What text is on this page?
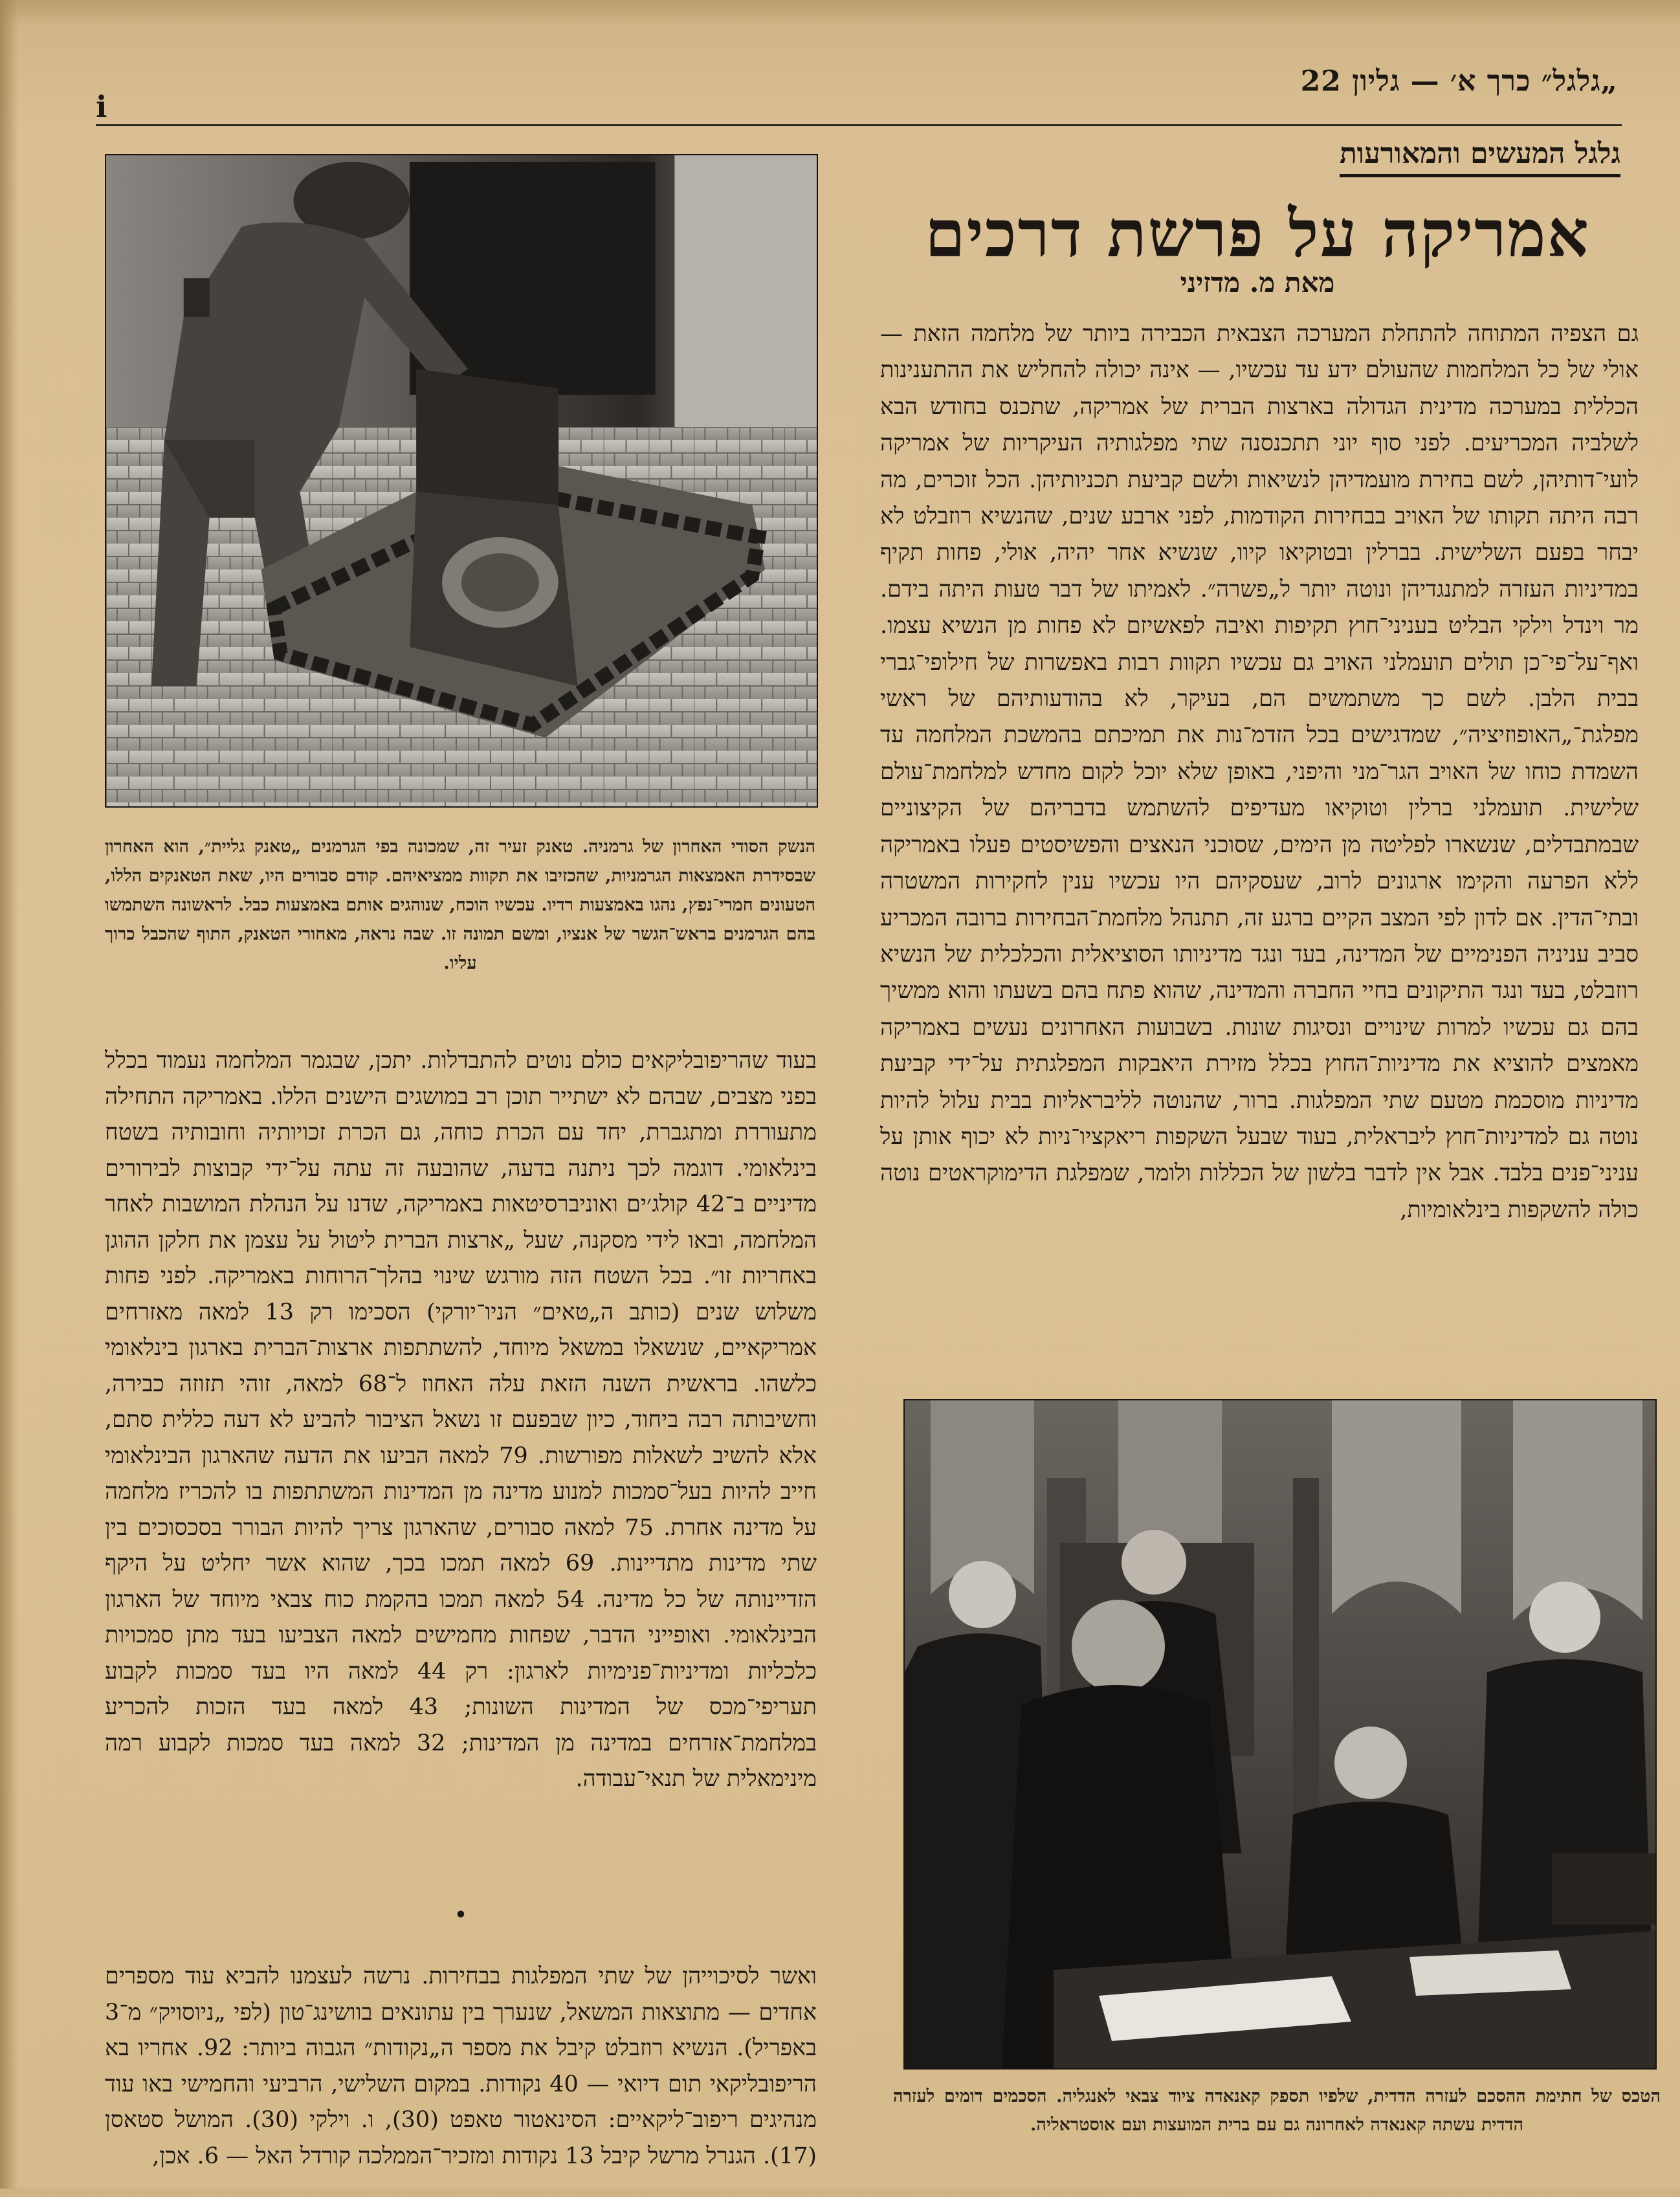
i
„גלגל״ כרך א׳ — גליון 22
גלגל המעשים והמאורעות
אמריקה על פרשת דרכים
מאת מ. מדזיני

גם הצפיה המתוחה להתחלת המערכה הצבאית הכבירה ביותר של מלחמה הזאת — אולי של כל המלחמות שהעולם ידע עד עכשיו, — אינה יכולה להחליש את ההתענינות הכללית במערכה מדינית הגדולה בארצות הברית של אמריקה, שתכנס בחודש הבא לשלביה המכריעים. לפני סוף יוני תתכנסנה שתי מפלגותיה העיקריות של אמריקה לועי־דותיהן, לשם בחירת מועמדיהן לנשיאות ולשם קביעת תכניותיהן. הכל זוכרים, מה רבה היתה תקותו של האויב בבחירות הקודמות, לפני ארבע שנים, שהנשיא רוזבלט לא יבחר בפעם השלישית. בברלין ובטוקיאו קיוו, שנשיא אחר יהיה, אולי, פחות תקיף במדיניות העזרה למתנגדיהן ונוטה יותר ל„פשרה״. לאמיתו של דבר טעות היתה בידם. מר וינדל וילקי הבליט בעניני־חוץ תקיפות ואיבה לפאשיזם לא פחות מן הנשיא עצמו. ואף־על־פי־כן תולים תועמלני האויב גם עכשיו תקוות רבות באפשרות של חילופי־גברי בבית הלבן. לשם כך משתמשים הם, בעיקר, לא בהודעותיהם של ראשי מפלגת־„האופוזיציה״, שמדגישים בכל הזדמ־נות את תמיכתם בהמשכת המלחמה עד השמדת כוחו של האויב הגר־מני והיפני, באופן שלא יוכל לקום מחדש למלחמת־עולם שלישית. תועמלני ברלין וטוקיאו מעדיפים להשתמש בדבריהם של הקיצוניים שבמתבדלים, שנשארו לפליטה מן הימים, שסוכני הנאצים והפשיסטים פעלו באמריקה ללא הפרעה והקימו ארגונים לרוב, שעסקיהם היו עכשיו ענין לחקירות המשטרה ובתי־הדין. אם לדון לפי המצב הקיים ברגע זה, תתנהל מלחמת־הבחירות ברובה המכריע סביב עניניה הפנימיים של המדינה, בעד ונגד מדיניותו הסוציאלית והכלכלית של הנשיא רוזבלט, בעד ונגד התיקונים בחיי החברה והמדינה, שהוא פתח בהם בשעתו והוא ממשיך בהם גם עכשיו למרות שינויים ונסיגות שונות. בשבועות האחרונים נעשים באמריקה מאמצים להוציא את מדיניות־החוץ בכלל מזירת היאבקות המפלגתית על־ידי קביעת מדיניות מוסכמת מטעם שתי המפלגות. ברור, שהנוטה לליבראליות בבית עלול להיות נוטה גם למדיניות־חוץ ליבראלית, בעוד שבעל השקפות ריאקציו־ניות לא יכוף אותן על עניני־פנים בלבד. אבל אין לדבר בלשון של הכללות ולומר, שמפלגת הדימוקראטים נוטה כולה להשקפות בינלאומיות,

הנשק הסודי האחרון של גרמניה. טאנק זעיר זה, שמכונה בפי הגרמנים „טאנק גליית״, הוא האחרון שבסידרת האמצאות הגרמניות, שהכזיבו את תקוות ממציאיהם. קודם סבורים היו, שאת הטאנקים הללו, הטעונים חמרי־נפץ, נהגו באמצעות רדיו. עכשיו הוכח, שנוהגים אותם באמצעות כבל. לראשונה השתמשו בהם הגרמנים בראש־הגשר של אנציו, ומשם תמונה זו. שבה נראה, מאחורי הטאנק, התוף שהכבל כרוך עליו.

בעוד שהריפובליקאים כולם נוטים להתבדלות. יתכן, שבגמר המלחמה נעמוד בכלל בפני מצבים, שבהם לא ישתייר תוכן רב במושגים הישנים הללו. באמריקה התחילה מתעוררת ומתגברת, יחד עם הכרת כוחה, גם הכרת זכויותיה וחובותיה בשטח בינלאומי. דוגמה לכך ניתנה בדעה, שהובעה זה עתה על־ידי קבוצות לבירורים מדיניים ב־42 קולג׳ים ואוניברסיטאות באמריקה, שדנו על הנהלת המושבות לאחר המלחמה, ובאו לידי מסקנה, שעל „ארצות הברית ליטול על עצמן את חלקן ההוגן באחריות זו״. בכל השטח הזה מורגש שינוי בהלך־הרוחות באמריקה. לפני פחות משלוש שנים (כותב ה„טאים״ הניו־יורקי) הסכימו רק 13 למאה מאזרחים אמריקאיים, שנשאלו במשאל מיוחד, להשתתפות ארצות־הברית בארגון בינלאומי כלשהו. בראשית השנה הזאת עלה האחוז ל־68 למאה, זוהי תזוזה כבירה, וחשיבותה רבה ביחוד, כיון שבפעם זו נשאל הציבור להביע לא דעה כללית סתם, אלא להשיב לשאלות מפורשות. 79 למאה הביעו את הדעה שהארגון הבינלאומי חייב להיות בעל־סמכות למנוע מדינה מן המדינות המשתתפות בו להכריז מלחמה על מדינה אחרת. 75 למאה סבורים, שהארגון צריך להיות הבורר בסכסוכים בין שתי מדינות מתדיינות. 69 למאה תמכו בכך, שהוא אשר יחליט על היקף הזדיינותה של כל מדינה. 54 למאה תמכו בהקמת כוח צבאי מיוחד של הארגון הבינלאומי. ואופייני הדבר, שפחות מחמישים למאה הצביעו בעד מתן סמכויות כלכליות ומדיניות־פנימיות לארגון: רק 44 למאה היו בעד סמכות לקבוע תעריפי־מכס של המדינות השונות; 43 למאה בעד הזכות להכריע במלחמת־אזרחים במדינה מן המדינות; 32 למאה בעד סמכות לקבוע רמה מינימאלית של תנאי־עבודה.

•

ואשר לסיכוייהן של שתי המפלגות בבחירות. נרשה לעצמנו להביא עוד מספרים אחדים — מתוצאות המשאל, שנערך בין עתונאים בוושינג־טון (לפי „ניוסויק״ מ־3 באפריל). הנשיא רוזבלט קיבל את מספר ה„נקודות״ הגבוה ביותר: 92. אחריו בא הריפובליקאי תום דיואי — 40 נקודות. במקום השלישי, הרביעי והחמישי באו עוד מנהיגים ריפוב־ליקאיים: הסינאטור טאפט (30), ו. וילקי (30). המושל סטאסן (17). הגנרל מרשל קיבל 13 נקודות ומזכיר־הממלכה קורדל האל — 6. אכן,

הטכס של חתימת ההסכם לעזרה הדדית, שלפיו תספק קאנאדה ציוד צבאי לאנגליה. הסכמים דומים לעזרה הדדית עשתה קאנאדה לאחרונה גם עם ברית המועצות ועם אוסטראליה.
